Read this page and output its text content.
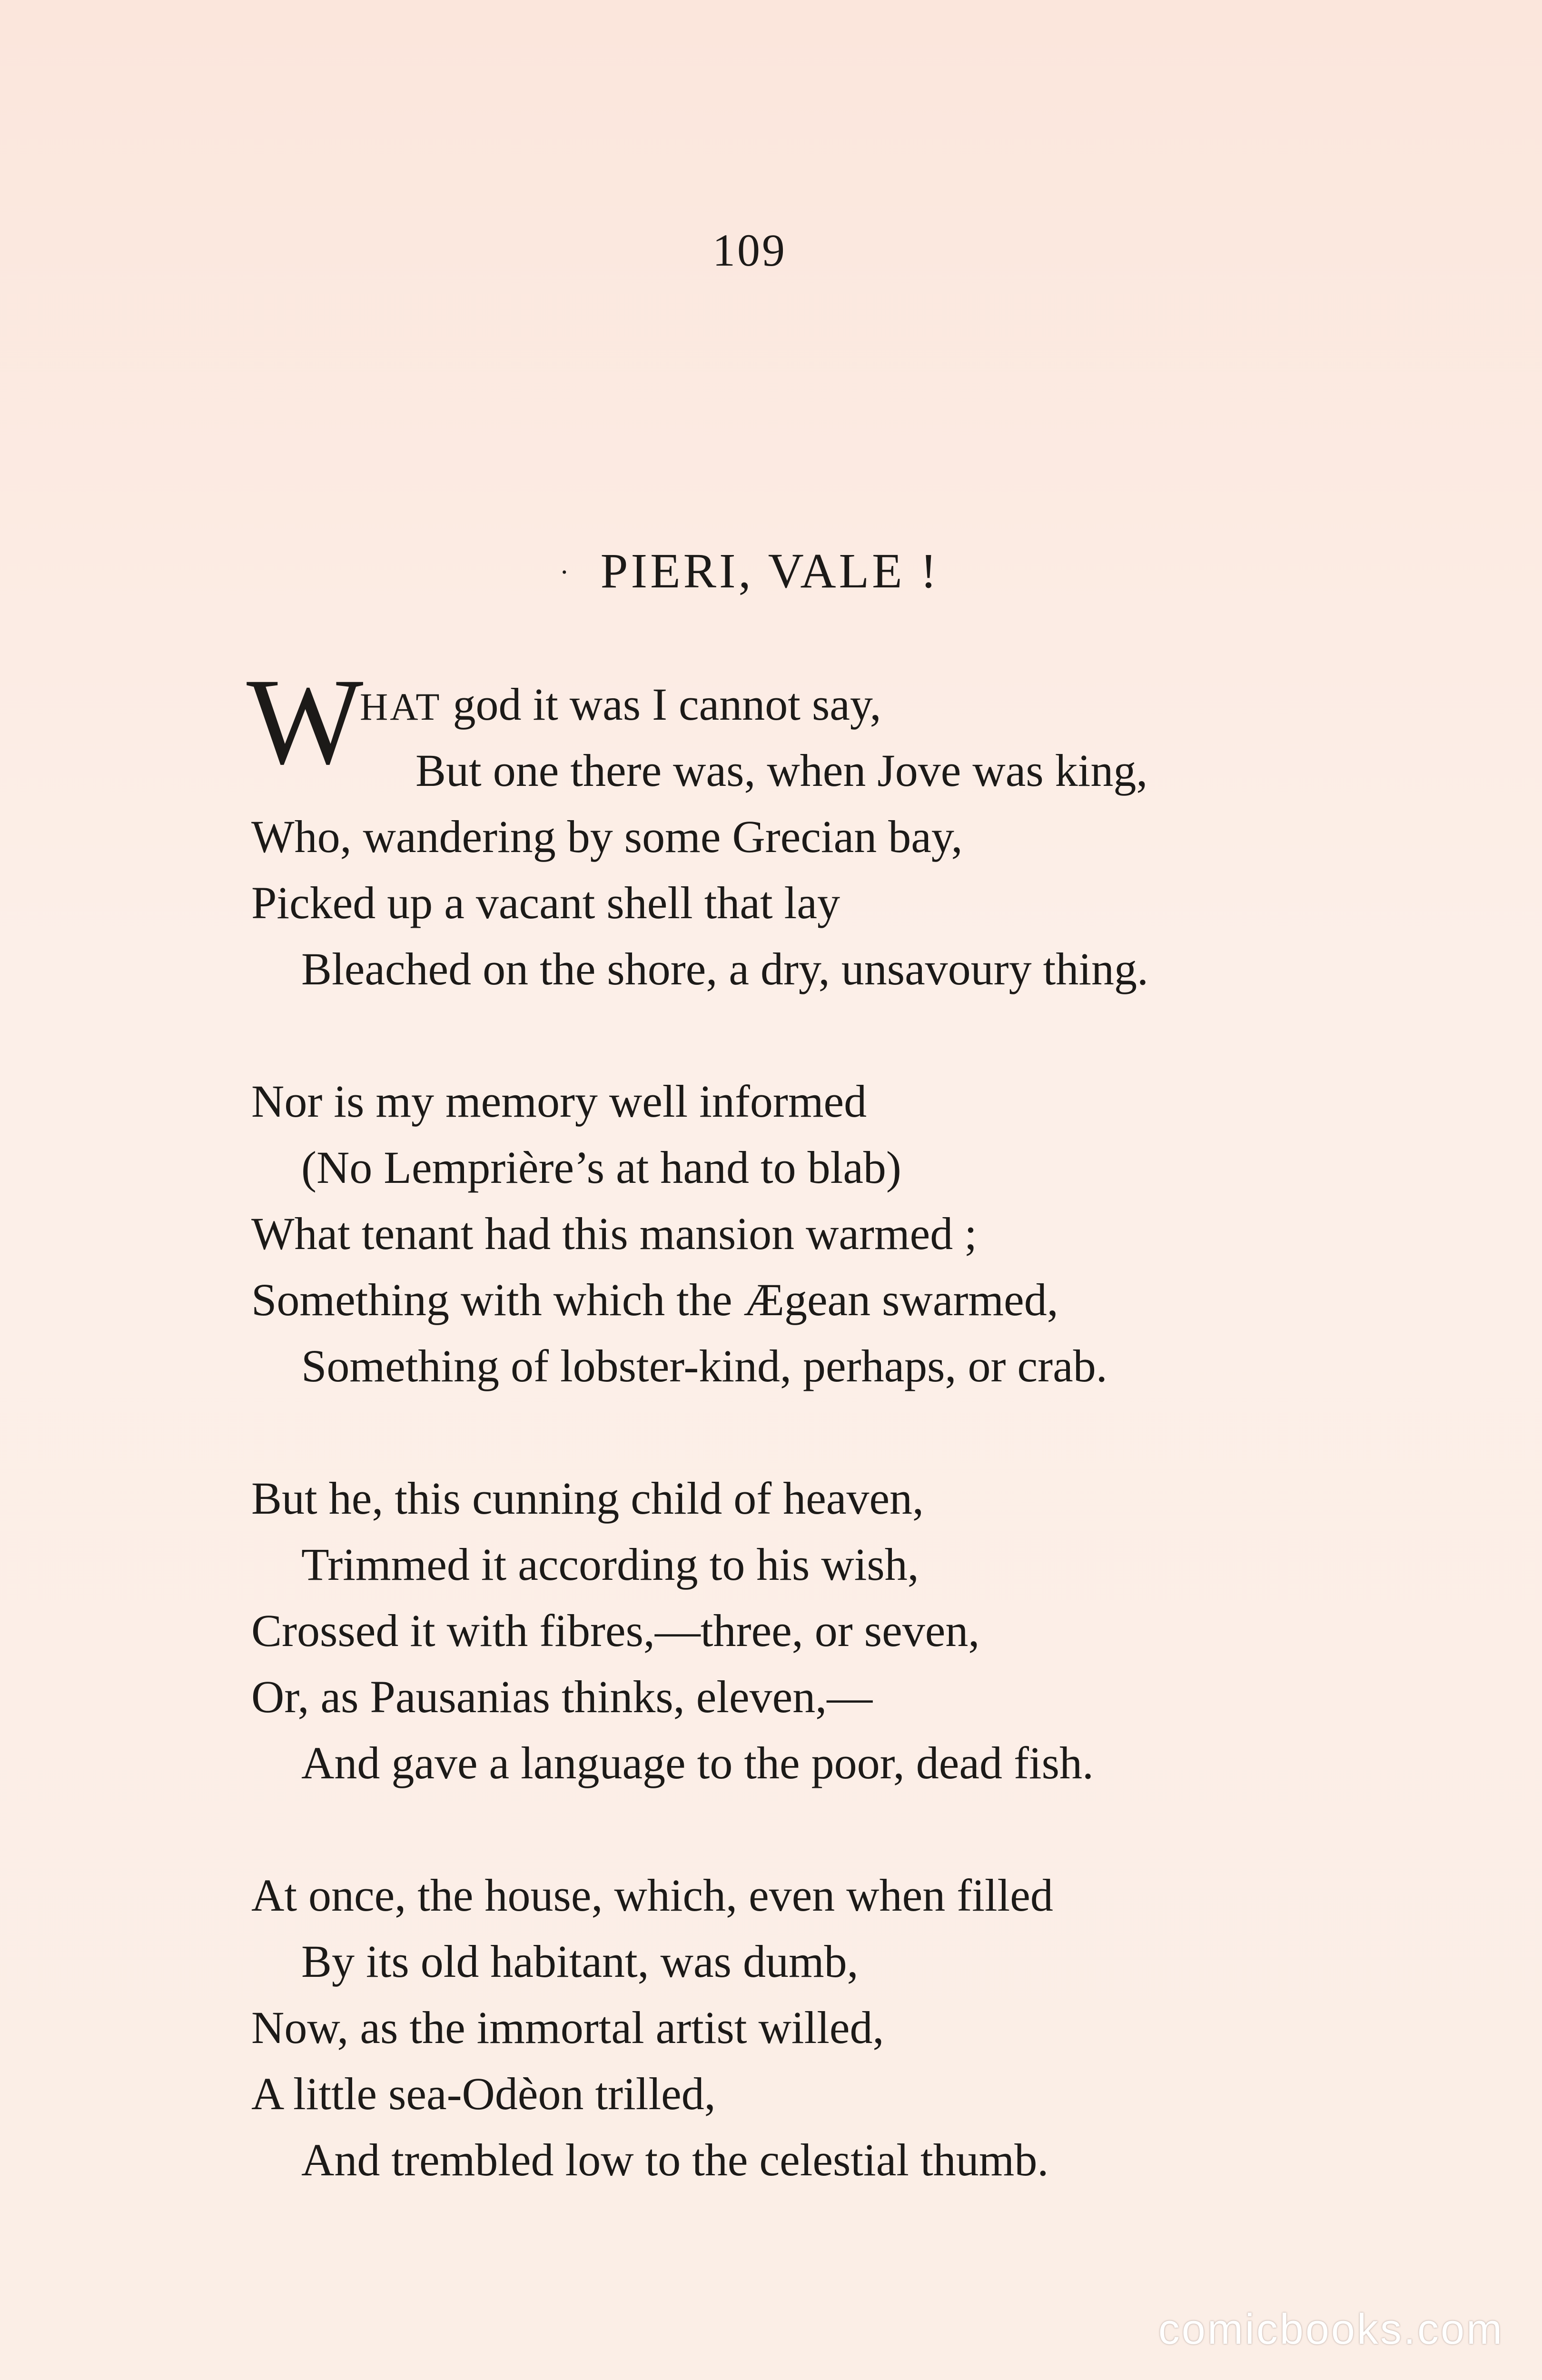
109
· PIERI, VALE !
W
HAT god it was I cannot say,
But one there was, when Jove was king,
Who, wandering by some Grecian bay,
Picked up a vacant shell that lay
Bleached on the shore, a dry, unsavoury thing.
Nor is my memory well informed
(No Lemprière’s at hand to blab)
What tenant had this mansion warmed ;
Something with which the Ægean swarmed,
Something of lobster-kind, perhaps, or crab.
But he, this cunning child of heaven,
Trimmed it according to his wish,
Crossed it with fibres,—three, or seven,
Or, as Pausanias thinks, eleven,—
And gave a language to the poor, dead fish.
At once, the house, which, even when filled
By its old habitant, was dumb,
Now, as the immortal artist willed,
A little sea-Odèon trilled,
And trembled low to the celestial thumb.
comicbooks.com
